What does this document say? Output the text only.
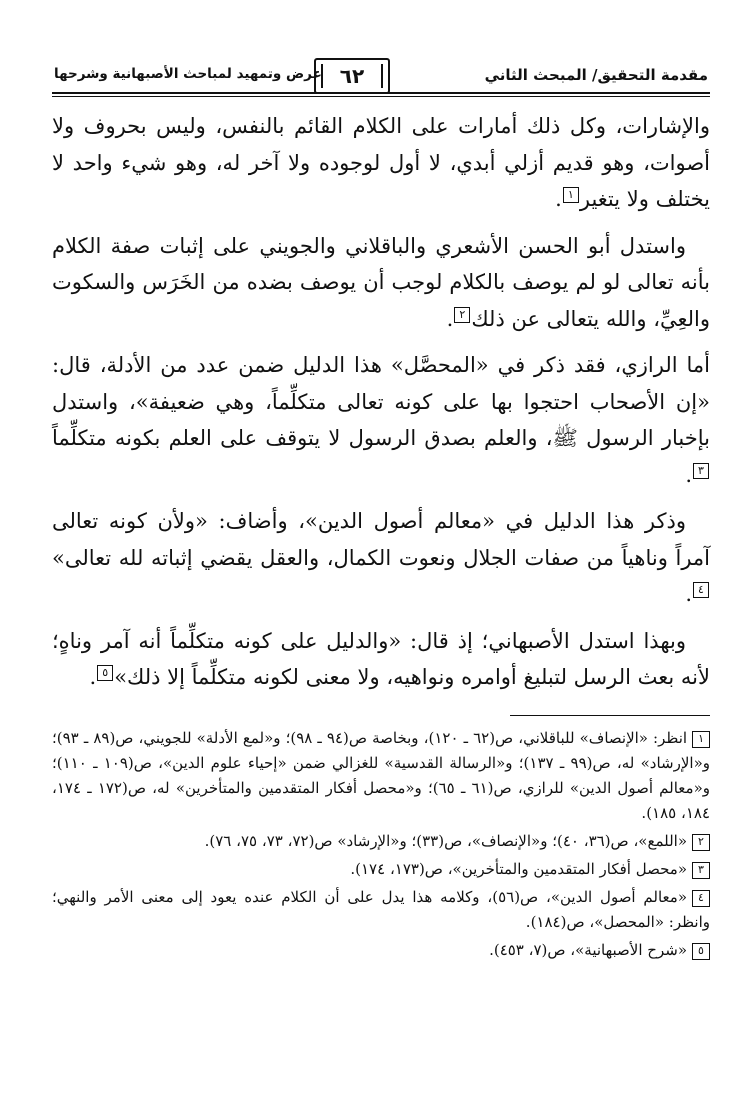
مقدمة التحقيق/ المبحث الثاني
٦٢
عرض وتمهيد لمباحث الأصبهانية وشرحها

والإشارات، وكل ذلك أمارات على الكلام القائم بالنفس، وليس بحروف ولا أصوات، وهو قديم أزلي أبدي، لا أول لوجوده ولا آخر له، وهو شيء واحد لا يختلف ولا يتغير١.

واستدل أبو الحسن الأشعري والباقلاني والجويني على إثبات صفة الكلام بأنه تعالى لو لم يوصف بالكلام لوجب أن يوصف بضده من الخَرَس والسكوت والعِيِّ، والله يتعالى عن ذلك٢.

أما الرازي، فقد ذكر في «المحصَّل» هذا الدليل ضمن عدد من الأدلة، قال: «إن الأصحاب احتجوا بها على كونه تعالى متكلِّماً، وهي ضعيفة»، واستدل بإخبار الرسول ﷺ، والعلم بصدق الرسول لا يتوقف على العلم بكونه متكلِّماً٣.

وذكر هذا الدليل في «معالم أصول الدين»، وأضاف: «ولأن كونه تعالى آمراً وناهياً من صفات الجلال ونعوت الكمال، والعقل يقضي إثباته لله تعالى»٤.

وبهذا استدل الأصبهاني؛ إذ قال: «والدليل على كونه متكلِّماً أنه آمر وناهٍ؛ لأنه بعث الرسل لتبليغ أوامره ونواهيه، ولا معنى لكونه متكلِّماً إلا ذلك»٥.

١انظر: «الإنصاف» للباقلاني، ص(٦٢ ـ ١٢٠)، وبخاصة ص(٩٤ ـ ٩٨)؛ و«لمع الأدلة» للجويني، ص(٨٩ ـ ٩٣)؛ و«الإرشاد» له، ص(٩٩ ـ ١٣٧)؛ و«الرسالة القدسية» للغزالي ضمن «إحياء علوم الدين»، ص(١٠٩ ـ ١١٠)؛ و«معالم أصول الدين» للرازي، ص(٦١ ـ ٦٥)؛ و«محصل أفكار المتقدمين والمتأخرين» له، ص(١٧٢ ـ ١٧٤، ١٨٤، ١٨٥).

٢«اللمع»، ص(٣٦، ٤٠)؛ و«الإنصاف»، ص(٣٣)؛ و«الإرشاد» ص(٧٢، ٧٣، ٧٥، ٧٦).

٣«محصل أفكار المتقدمين والمتأخرين»، ص(١٧٣، ١٧٤).

٤«معالم أصول الدين»، ص(٥٦)، وكلامه هذا يدل على أن الكلام عنده يعود إلى معنى الأمر والنهي؛ وانظر: «المحصل»، ص(١٨٤).

٥«شرح الأصبهانية»، ص(٧، ٤٥٣).
